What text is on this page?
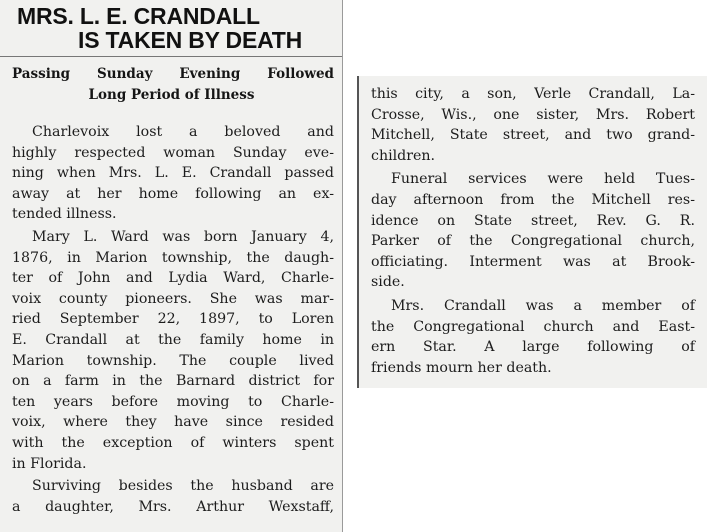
MRS. L. E. CRANDALL
IS TAKEN BY DEATH
Passing Sunday Evening Followed
Long Period of Illness
Charlevoix lost a beloved and
highly respected woman Sunday eve-
ning when Mrs. L. E. Crandall passed
away at her home following an ex-
tended illness.
Mary L. Ward was born January 4,
1876, in Marion township, the daugh-
ter of John and Lydia Ward, Charle-
voix county pioneers. She was mar-
ried September 22, 1897, to Loren
E. Crandall at the family home in
Marion township. The couple lived
on a farm in the Barnard district for
ten years before moving to Charle-
voix, where they have since resided
with the exception of winters spent
in Florida.
Surviving besides the husband are
a daughter, Mrs. Arthur Wexstaff,
this city, a son, Verle Crandall, La-
Crosse, Wis., one sister, Mrs. Robert
Mitchell, State street, and two grand-
children.
Funeral services were held Tues-
day afternoon from the Mitchell res-
idence on State street, Rev. G. R.
Parker of the Congregational church,
officiating. Interment was at Brook-
side.
Mrs. Crandall was a member of
the Congregational church and East-
ern Star. A large following of
friends mourn her death.
